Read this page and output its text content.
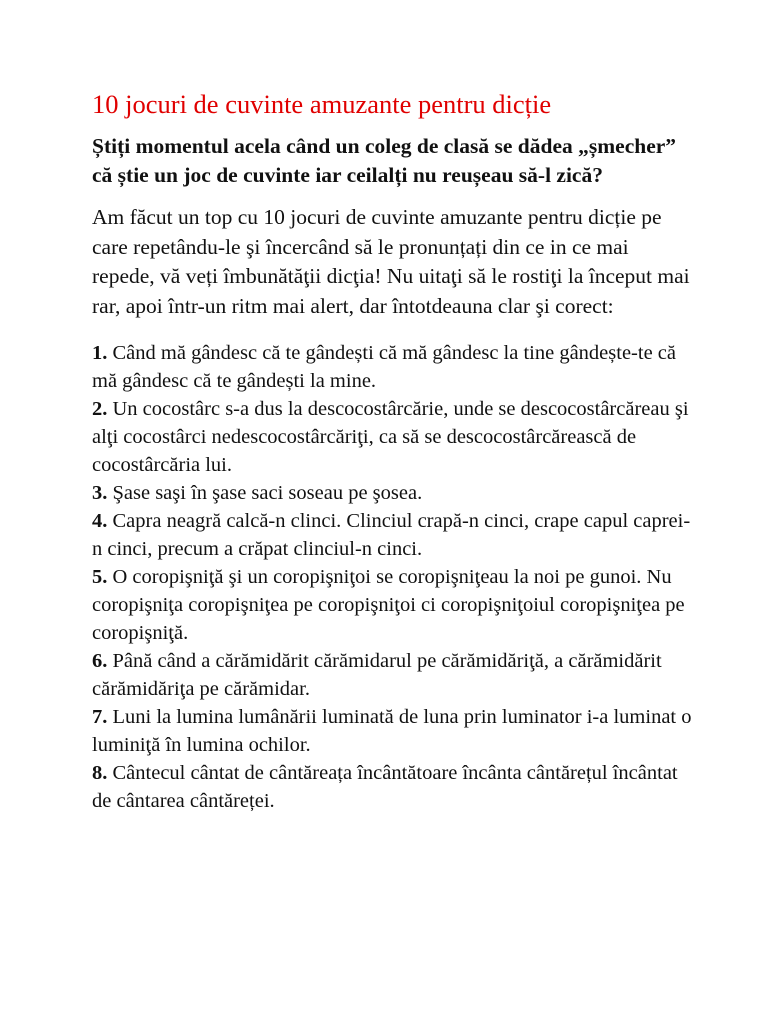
10 jocuri de cuvinte amuzante pentru dicție

Știți momentul acela când un coleg de clasă se dădea „șmecher” că știe un joc de cuvinte iar ceilalți nu reușeau să-l zică?

Am făcut un top cu 10 jocuri de cuvinte amuzante pentru dicție pe care repetându-le şi încercând să le pronunțați din ce in ce mai repede, vă veți îmbunătăţii dicţia! Nu uitaţi să le rostiţi la început mai rar, apoi într-un ritm mai alert, dar întotdeauna clar şi corect:

1. Când mă gândesc că te gândești că mă gândesc la tine gândește-te că mă gândesc că te gândești la mine.
2. Un cocostârc s-a dus la descocostârcărie, unde se descocostârcăreau şi alţi cocostârci nedescocostârcăriţi, ca să se descocostârcărească de cocostârcăria lui.
3. Şase saşi în şase saci soseau pe şosea.
4. Capra neagră calcă-n clinci. Clinciul crapă-n cinci, crape capul caprei-n cinci, precum a crăpat clinciul-n cinci.
5. O coropişniţă şi un coropişniţoi se coropişniţeau la noi pe gunoi. Nu coropişniţa coropişniţea pe coropişniţoi ci coropişniţoiul coropişniţea pe coropişniţă.
6. Până când a cărămidărit cărămidarul pe cărămidăriţă, a cărămidărit cărămidăriţa pe cărămidar.
7. Luni la lumina lumânării luminată de luna prin luminator i-a luminat o luminiţă în lumina ochilor.
8. Cântecul cântat de cântăreața încântătoare încânta cântărețul încântat de cântarea cântăreței.
